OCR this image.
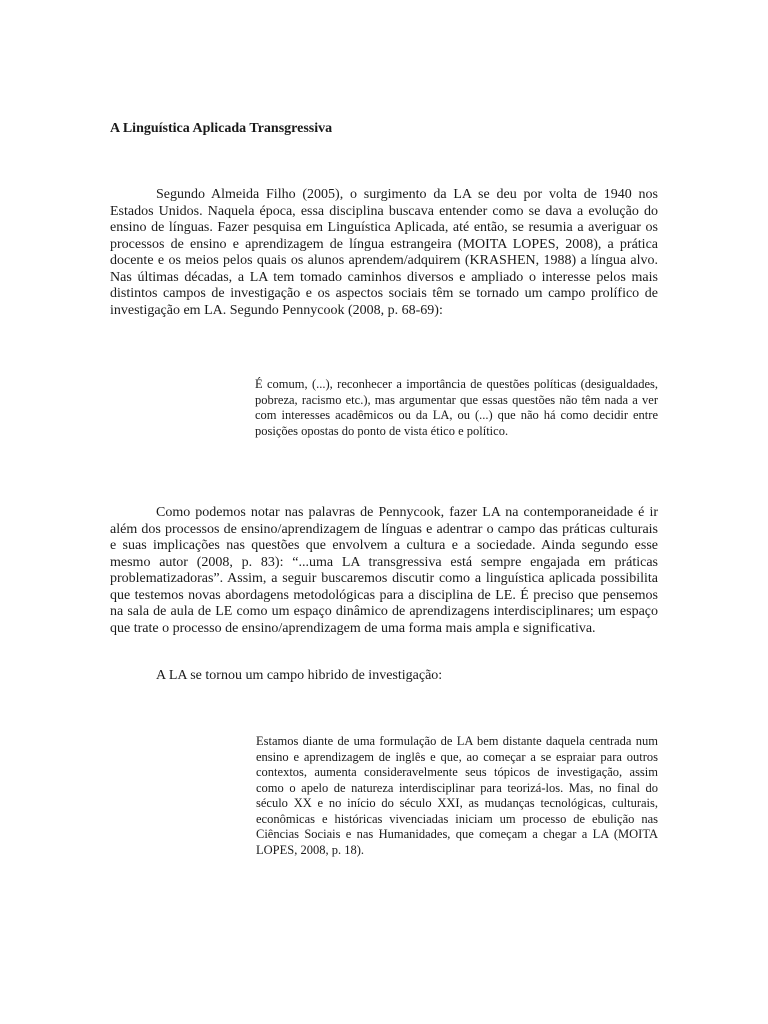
A Linguística Aplicada Transgressiva

Segundo Almeida Filho (2005), o surgimento da LA se deu por volta de 1940 nos Estados Unidos. Naquela época, essa disciplina buscava entender como se dava a evolução do ensino de línguas. Fazer pesquisa em Linguística Aplicada, até então, se resumia a averiguar os processos de ensino e aprendizagem de língua estrangeira (MOITA LOPES, 2008), a prática docente e os meios pelos quais os alunos aprendem/adquirem (KRASHEN, 1988) a língua alvo. Nas últimas décadas, a LA tem tomado caminhos diversos e ampliado o interesse pelos mais distintos campos de investigação e os aspectos sociais têm se tornado um campo prolífico de investigação em LA. Segundo Pennycook (2008, p. 68-69):

É comum, (...), reconhecer a importância de questões políticas (desigualdades, pobreza, racismo etc.), mas argumentar que essas questões não têm nada a ver com interesses acadêmicos ou da LA, ou (...) que não há como decidir entre posições opostas do ponto de vista ético e político.

Como podemos notar nas palavras de Pennycook, fazer LA na contemporaneidade é ir além dos processos de ensino/aprendizagem de línguas e adentrar o campo das práticas culturais e suas implicações nas questões que envolvem a cultura e a sociedade. Ainda segundo esse mesmo autor (2008, p. 83): “...uma LA transgressiva está sempre engajada em práticas problematizadoras”. Assim, a seguir buscaremos discutir como a linguística aplicada possibilita que testemos novas abordagens metodológicas para a disciplina de LE. É preciso que pensemos na sala de aula de LE como um espaço dinâmico de aprendizagens interdisciplinares; um espaço que trate o processo de ensino/aprendizagem de uma forma mais ampla e significativa.

A LA se tornou um campo hibrido de investigação:

Estamos diante de uma formulação de LA bem distante daquela centrada num ensino e aprendizagem de inglês e que, ao começar a se espraiar para outros contextos, aumenta consideravelmente seus tópicos de investigação, assim como o apelo de natureza interdisciplinar para teorizá-los. Mas, no final do século XX e no início do século XXI, as mudanças tecnológicas, culturais, econômicas e históricas vivenciadas iniciam um processo de ebulição nas Ciências Sociais e nas Humanidades, que começam a chegar a LA (MOITA LOPES, 2008, p. 18).
